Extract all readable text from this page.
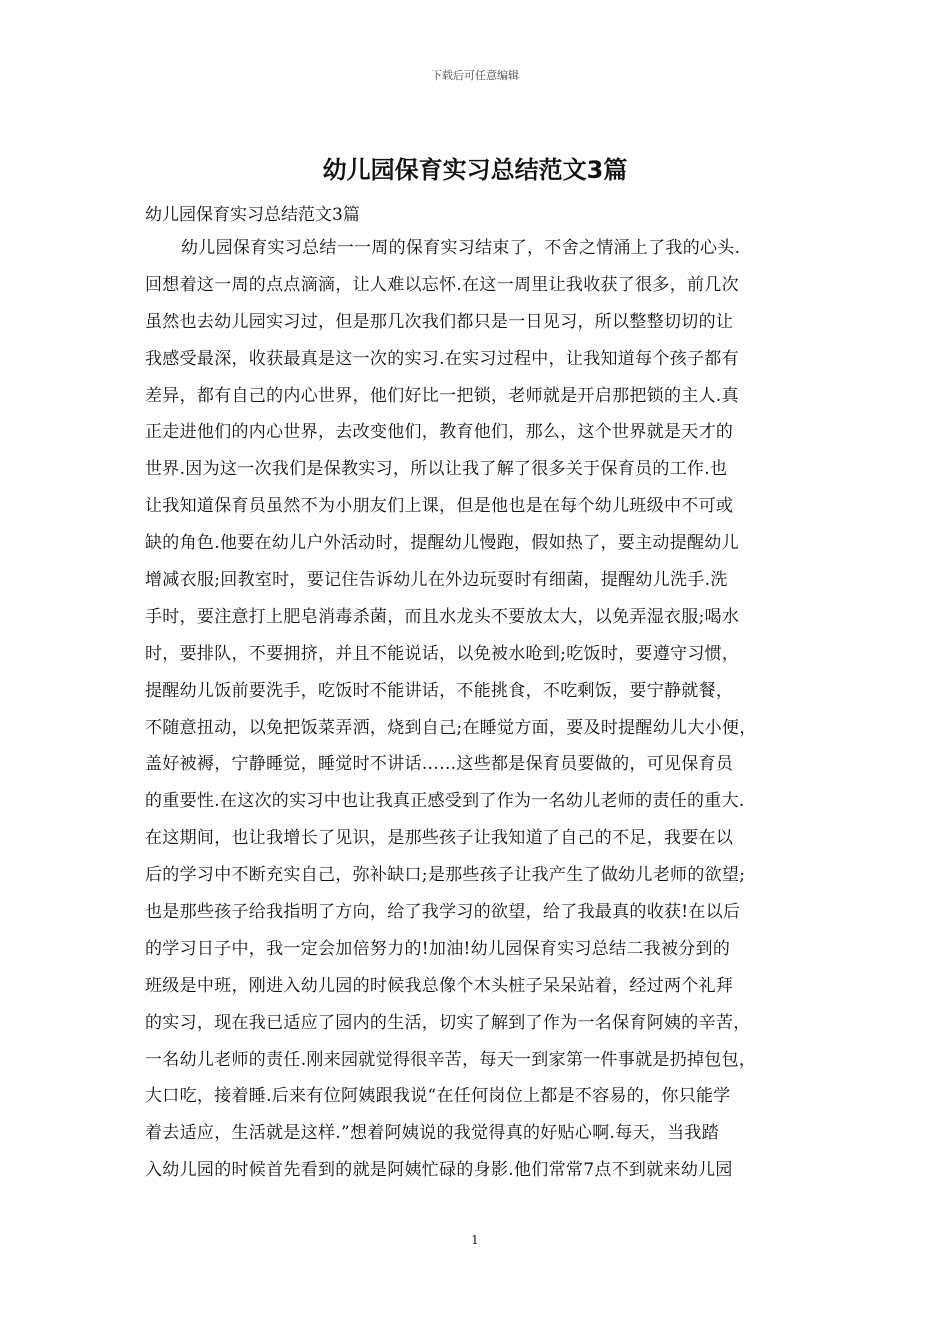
下载后可任意编辑
幼儿园保育实习总结范文3篇

幼儿园保育实习总结范文3篇

幼儿园保育实习总结一一周的保育实习结束了，不舍之情涌上了我的心头.
回想着这一周的点点滴滴，让人难以忘怀.在这一周里让我收获了很多，前几次
虽然也去幼儿园实习过，但是那几次我们都只是一日见习，所以整整切切的让
我感受最深，收获最真是这一次的实习.在实习过程中，让我知道每个孩子都有
差异，都有自己的内心世界，他们好比一把锁，老师就是开启那把锁的主人.真
正走进他们的内心世界，去改变他们，教育他们，那么，这个世界就是天才的
世界.因为这一次我们是保教实习，所以让我了解了很多关于保育员的工作.也
让我知道保育员虽然不为小朋友们上课，但是他也是在每个幼儿班级中不可或
缺的角色.他要在幼儿户外活动时，提醒幼儿慢跑，假如热了，要主动提醒幼儿
增减衣服;回教室时，要记住告诉幼儿在外边玩耍时有细菌，提醒幼儿洗手.洗
手时，要注意打上肥皂消毒杀菌，而且水龙头不要放太大，以免弄湿衣服;喝水
时，要排队，不要拥挤，并且不能说话，以免被水呛到;吃饭时，要遵守习惯，
提醒幼儿饭前要洗手，吃饭时不能讲话，不能挑食，不吃剩饭，要宁静就餐，
不随意扭动，以免把饭菜弄洒，烧到自己;在睡觉方面，要及时提醒幼儿大小便，
盖好被褥，宁静睡觉，睡觉时不讲话……这些都是保育员要做的，可见保育员
的重要性.在这次的实习中也让我真正感受到了作为一名幼儿老师的责任的重大.
在这期间，也让我增长了见识，是那些孩子让我知道了自己的不足，我要在以
后的学习中不断充实自己，弥补缺口;是那些孩子让我产生了做幼儿老师的欲望;
也是那些孩子给我指明了方向，给了我学习的欲望，给了我最真的收获!在以后
的学习日子中，我一定会加倍努力的!加油!幼儿园保育实习总结二我被分到的
班级是中班，刚进入幼儿园的时候我总像个木头桩子呆呆站着，经过两个礼拜
的实习，现在我已适应了园内的生活，切实了解到了作为一名保育阿姨的辛苦，
一名幼儿老师的责任.刚来园就觉得很辛苦，每天一到家第一件事就是扔掉包包，
大口吃，接着睡.后来有位阿姨跟我说“在任何岗位上都是不容易的，你只能学
着去适应，生活就是这样.”想着阿姨说的我觉得真的好贴心啊.每天，当我踏
入幼儿园的时候首先看到的就是阿姨忙碌的身影.他们常常7点不到就来幼儿园
1
